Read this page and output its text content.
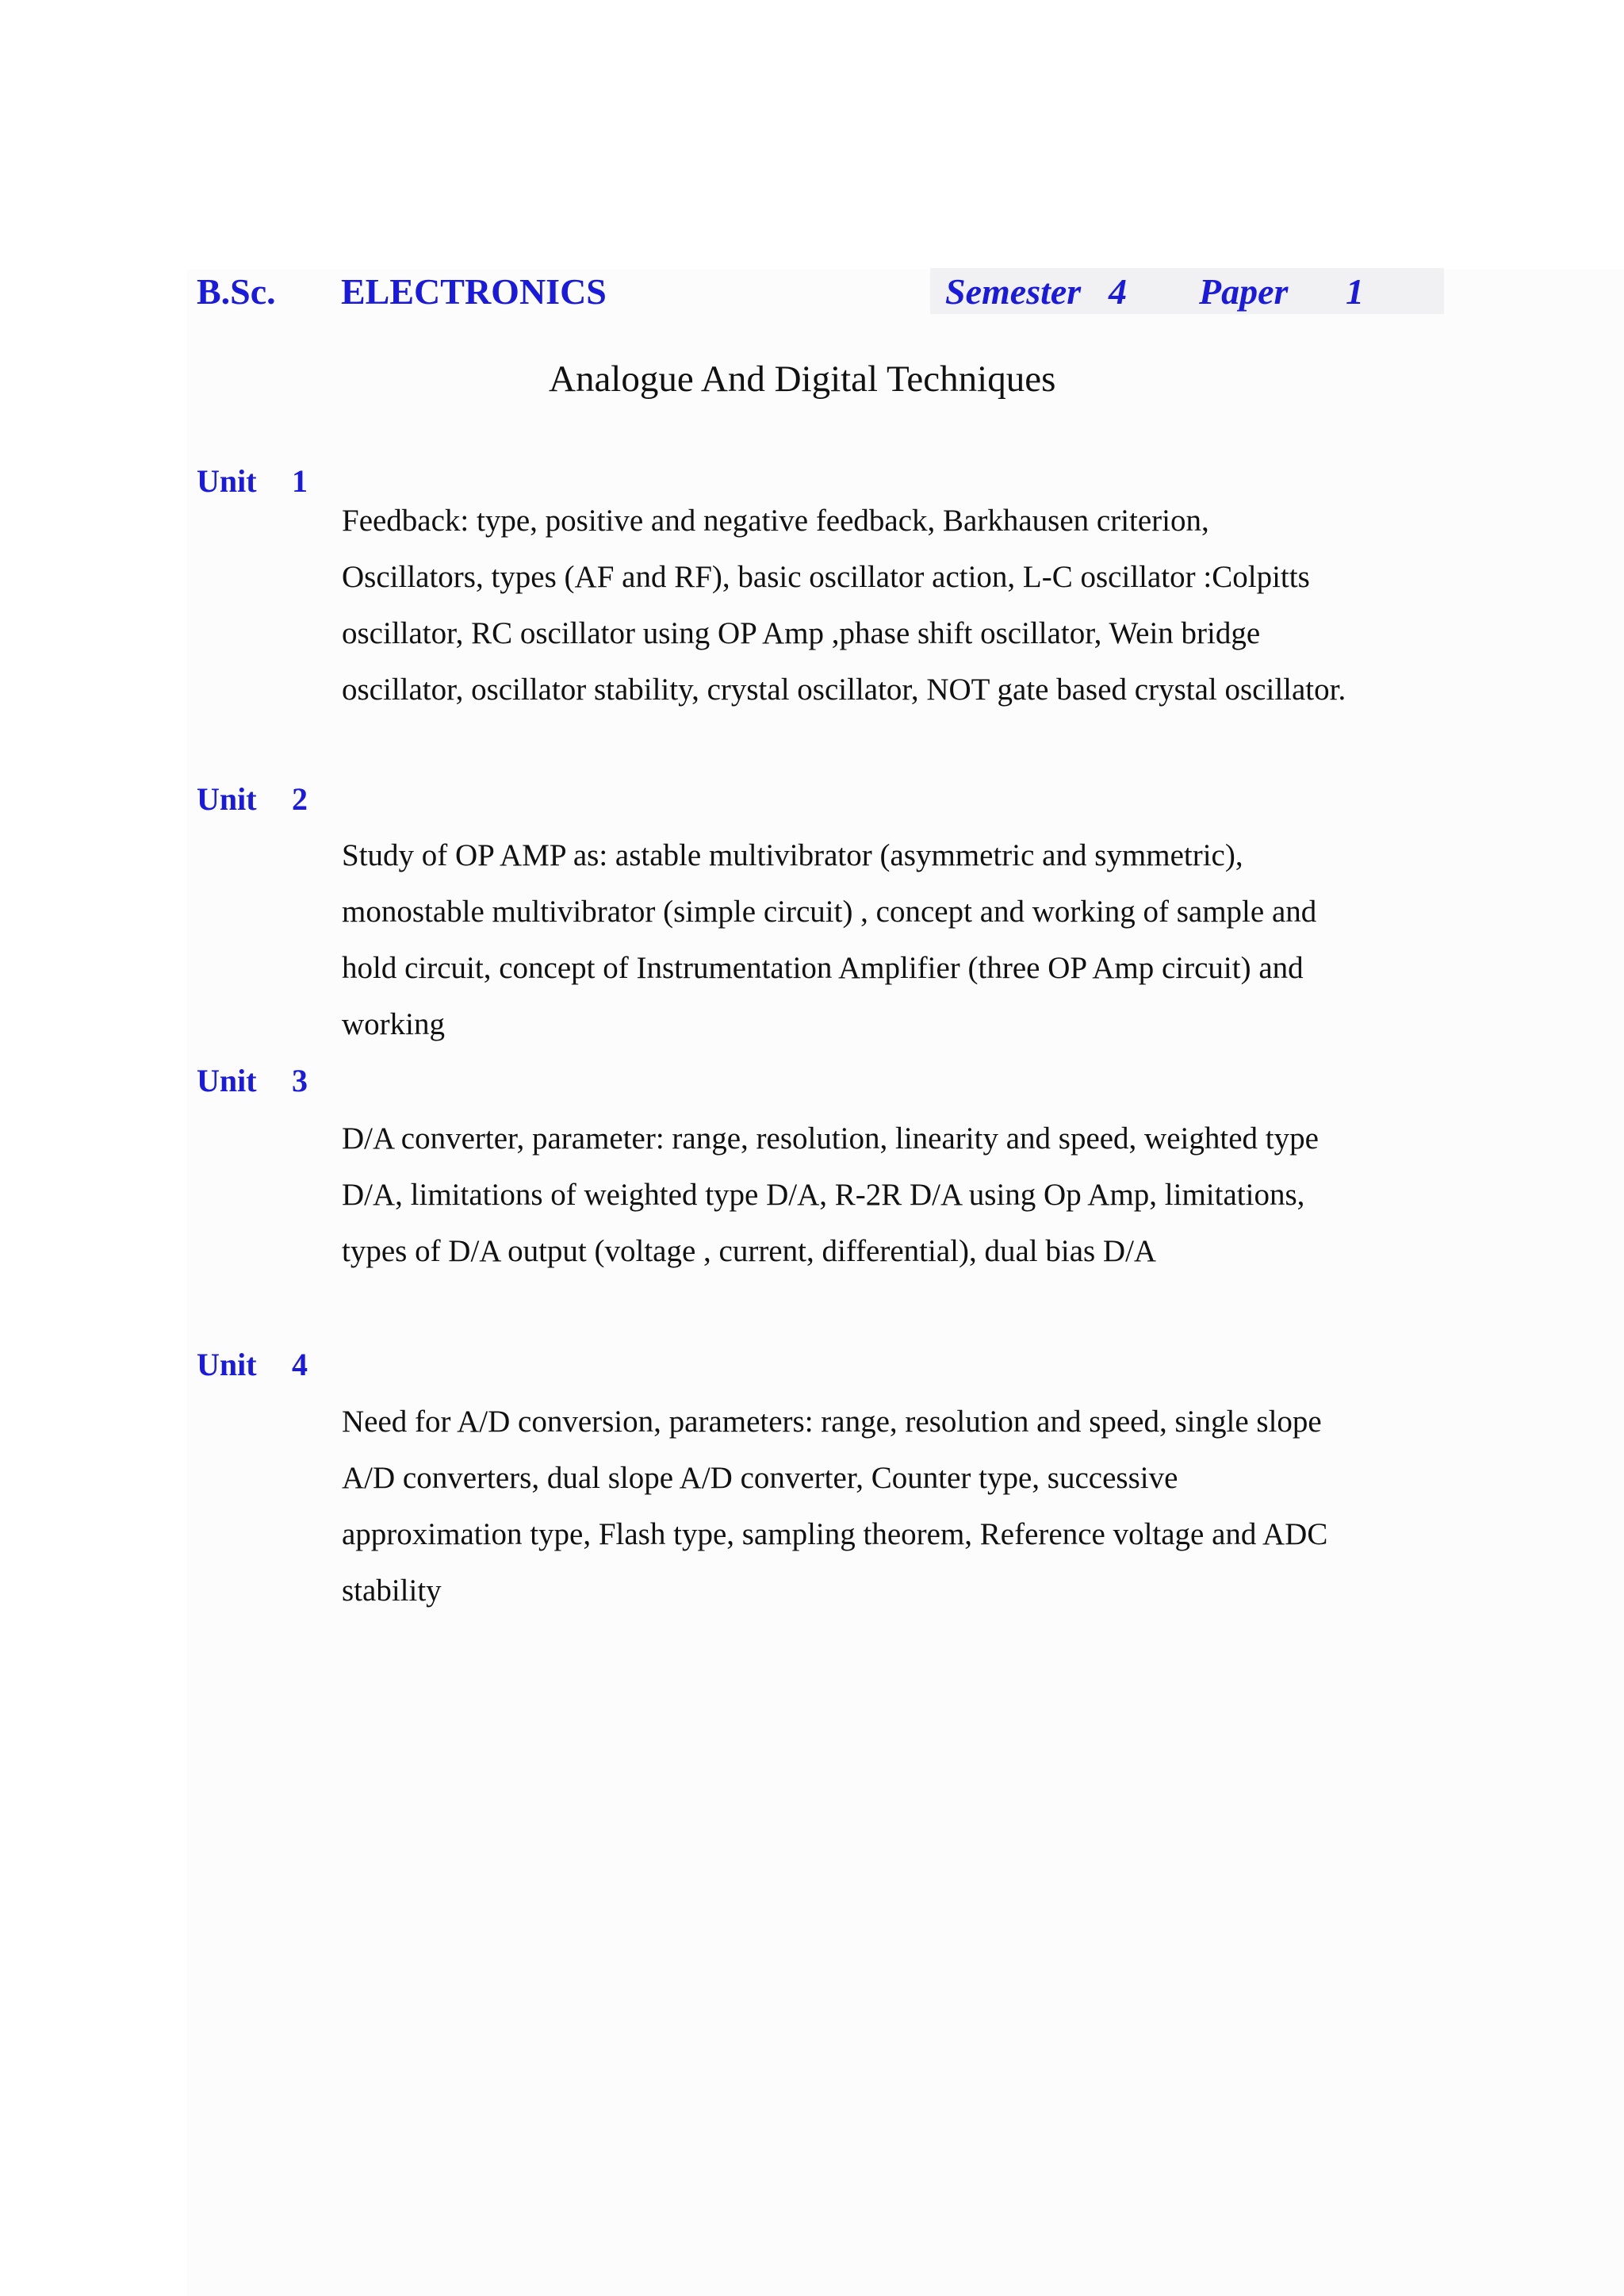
B.Sc. ELECTRONICS	Semester 4 Paper 1
Analogue And Digital Techniques
Unit 1
Feedback: type, positive and negative feedback, Barkhausen criterion,
Oscillators, types (AF and RF), basic oscillator action, L-C oscillator :Colpitts
oscillator, RC oscillator using OP Amp ,phase shift oscillator, Wein bridge
oscillator, oscillator stability, crystal oscillator, NOT gate based crystal oscillator.
Unit 2
Study of OP AMP as: astable multivibrator (asymmetric and symmetric),
monostable multivibrator (simple circuit) , concept and working of sample and
hold circuit, concept of Instrumentation Amplifier (three OP Amp circuit) and
working
Unit 3
D/A converter, parameter: range, resolution, linearity and speed, weighted type
D/A, limitations of weighted type D/A, R-2R D/A using Op Amp, limitations,
types of D/A output (voltage , current, differential), dual bias D/A
Unit 4
Need for A/D conversion, parameters: range, resolution and speed, single slope
A/D converters, dual slope A/D converter, Counter type, successive
approximation type, Flash type, sampling theorem, Reference voltage and ADC
stability
